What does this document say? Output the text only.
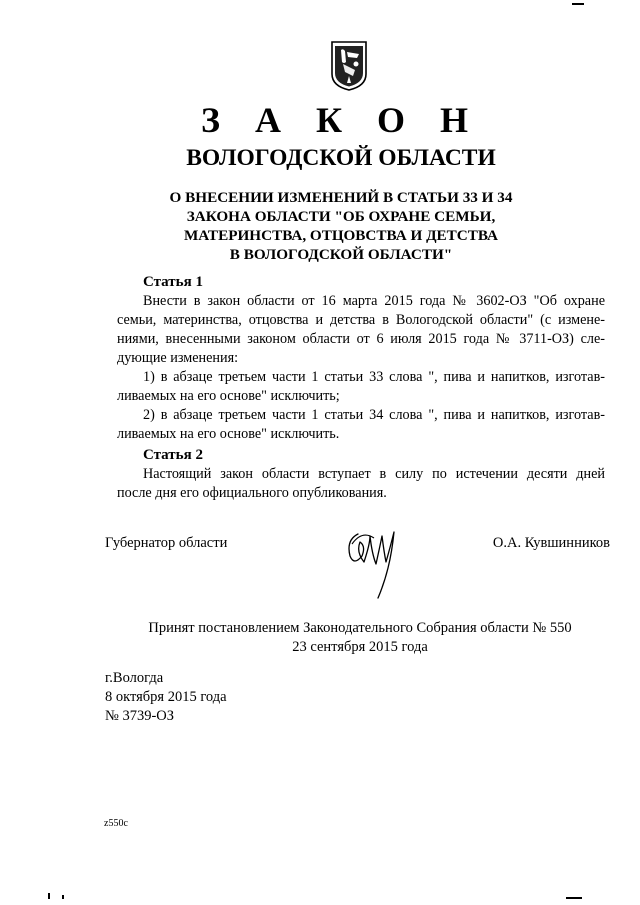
З А К О Н
ВОЛОГОДСКОЙ ОБЛАСТИ
О ВНЕСЕНИИ ИЗМЕНЕНИЙ В СТАТЬИ 33 И 34
ЗАКОНА ОБЛАСТИ "ОБ ОХРАНЕ СЕМЬИ,
МАТЕРИНСТВА, ОТЦОВСТВА И ДЕТСТВА
В ВОЛОГОДСКОЙ ОБЛАСТИ"
Статья 1
Внести в закон области от 16 марта 2015 года № 3602-ОЗ "Об охране
семьи, материнства, отцовства и детства в Вологодской области" (с измене-
ниями, внесенными законом области от 6 июля 2015 года № 3711-ОЗ) сле-
дующие изменения:
1) в абзаце третьем части 1 статьи 33 слова ", пива и напитков, изготав-
ливаемых на его основе" исключить;
2) в абзаце третьем части 1 статьи 34 слова ", пива и напитков, изготав-
ливаемых на его основе" исключить.
Статья 2
Настоящий закон области вступает в силу по истечении десяти дней
после дня его официального опубликования.
Губернатор области	О.А. Кувшинников
Принят постановлением Законодательного Собрания области № 550
23 сентября 2015 года
г.Вологда
8 октября 2015 года
№ 3739-ОЗ
z550c
